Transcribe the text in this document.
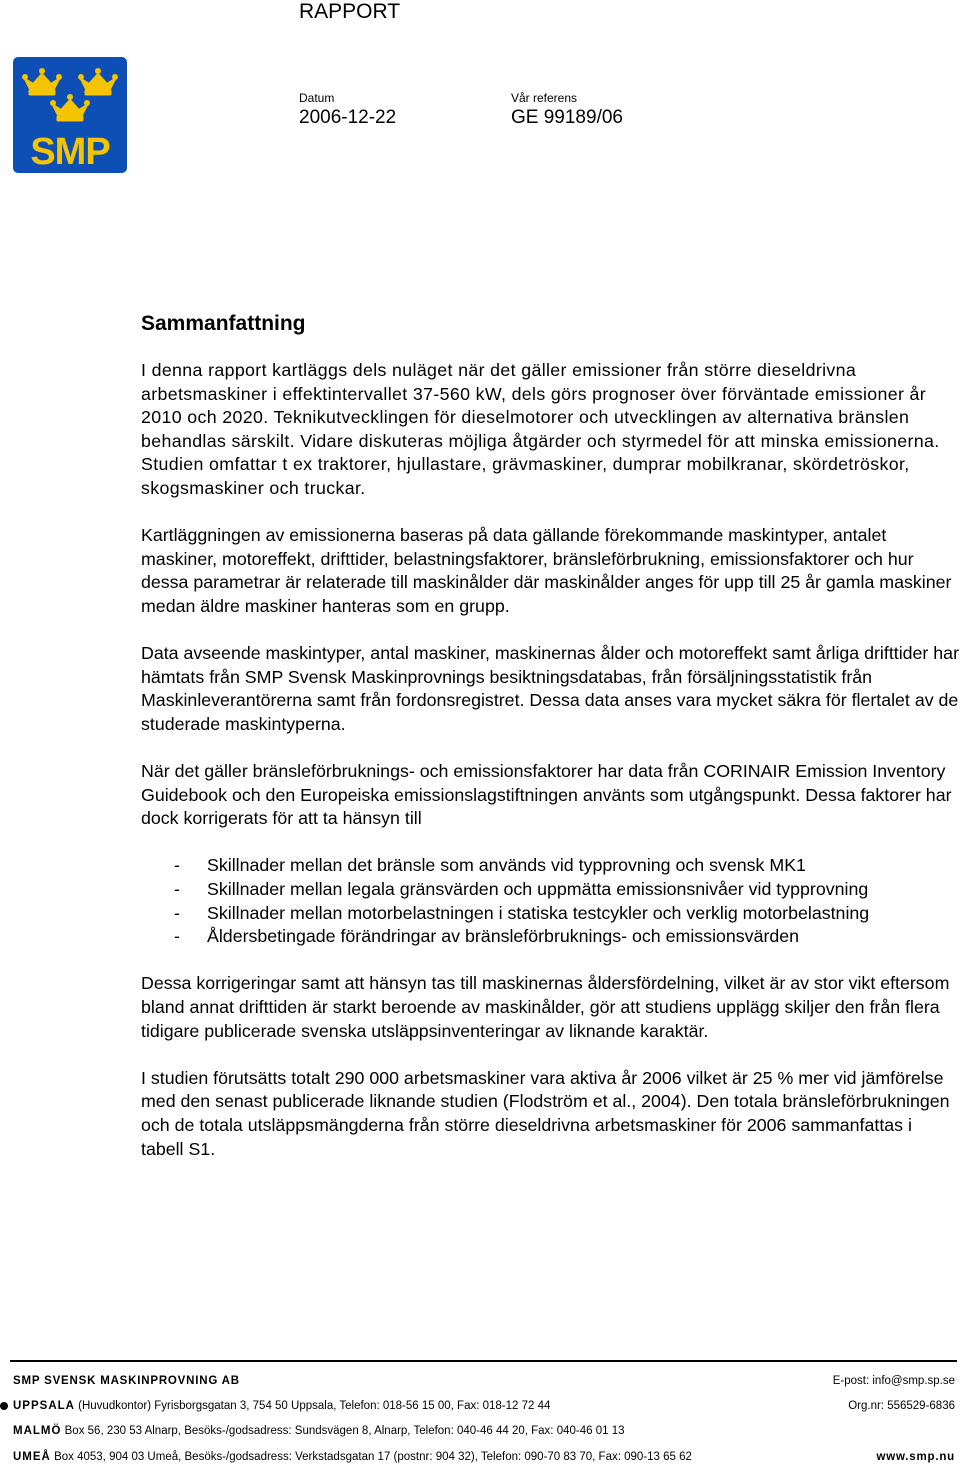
RAPPORT
SMP
Datum
2006-12-22
Vår referens
GE 99189/06
Sammanfattning

I denna rapport kartläggs dels nuläget när det gäller emissioner från större dieseldrivna arbetsmaskiner i effektintervallet 37-560 kW, dels görs prognoser över förväntade emissioner år 2010 och 2020. Teknikutvecklingen för dieselmotorer och utvecklingen av alternativa bränslen behandlas särskilt. Vidare diskuteras möjliga åtgärder och styrmedel för att minska emissionerna. Studien omfattar t ex traktorer, hjullastare, grävmaskiner, dumprar mobilkranar, skördetröskor, skogsmaskiner och truckar.

Kartläggningen av emissionerna baseras på data gällande förekommande maskintyper, antalet maskiner, motoreffekt, drifttider, belastningsfaktorer, bränsleförbrukning, emissionsfaktorer och hur dessa parametrar är relaterade till maskinålder där maskinålder anges för upp till 25 år gamla maskiner medan äldre maskiner hanteras som en grupp.

Data avseende maskintyper, antal maskiner, maskinernas ålder och motoreffekt samt årliga drifttider har hämtats från SMP Svensk Maskinprovnings besiktningsdatabas, från försäljningsstatistik från Maskinleverantörerna samt från fordonsregistret. Dessa data anses vara mycket säkra för flertalet av de studerade maskintyperna.

När det gäller bränsleförbruknings- och emissionsfaktorer har data från CORINAIR Emission Inventory Guidebook och den Europeiska emissionslagstiftningen använts som utgångspunkt. Dessa faktorer har dock korrigerats för att ta hänsyn till

- Skillnader mellan det bränsle som används vid typprovning och svensk MK1
- Skillnader mellan legala gränsvärden och uppmätta emissionsnivåer vid typprovning
- Skillnader mellan motorbelastningen i statiska testcykler och verklig motorbelastning
- Åldersbetingade förändringar av bränsleförbruknings- och emissionsvärden

Dessa korrigeringar samt att hänsyn tas till maskinernas åldersfördelning, vilket är av stor vikt eftersom bland annat drifttiden är starkt beroende av maskinålder, gör att studiens upplägg skiljer den från flera tidigare publicerade svenska utsläppsinventeringar av liknande karaktär.

I studien förutsätts totalt 290 000 arbetsmaskiner vara aktiva år 2006 vilket är 25 % mer vid jämförelse med den senast publicerade liknande studien (Flodström et al., 2004). Den totala bränsleförbrukningen och de totala utsläppsmängderna från större dieseldrivna arbetsmaskiner för 2006 sammanfattas i tabell S1.

SMP SVENSK MASKINPROVNING AB	E-post: info@smp.sp.se
UPPSALA (Huvudkontor) Fyrisborgsgatan 3, 754 50 Uppsala, Telefon: 018-56 15 00, Fax: 018-12 72 44	Org.nr: 556529-6836
MALMÖ Box 56, 230 53 Alnarp, Besöks-/godsadress: Sundsvägen 8, Alnarp, Telefon: 040-46 44 20, Fax: 040-46 01 13
UMEÅ Box 4053, 904 03 Umeå, Besöks-/godsadress: Verkstadsgatan 17 (postnr: 904 32), Telefon: 090-70 83 70, Fax: 090-13 65 62	www.smp.nu
